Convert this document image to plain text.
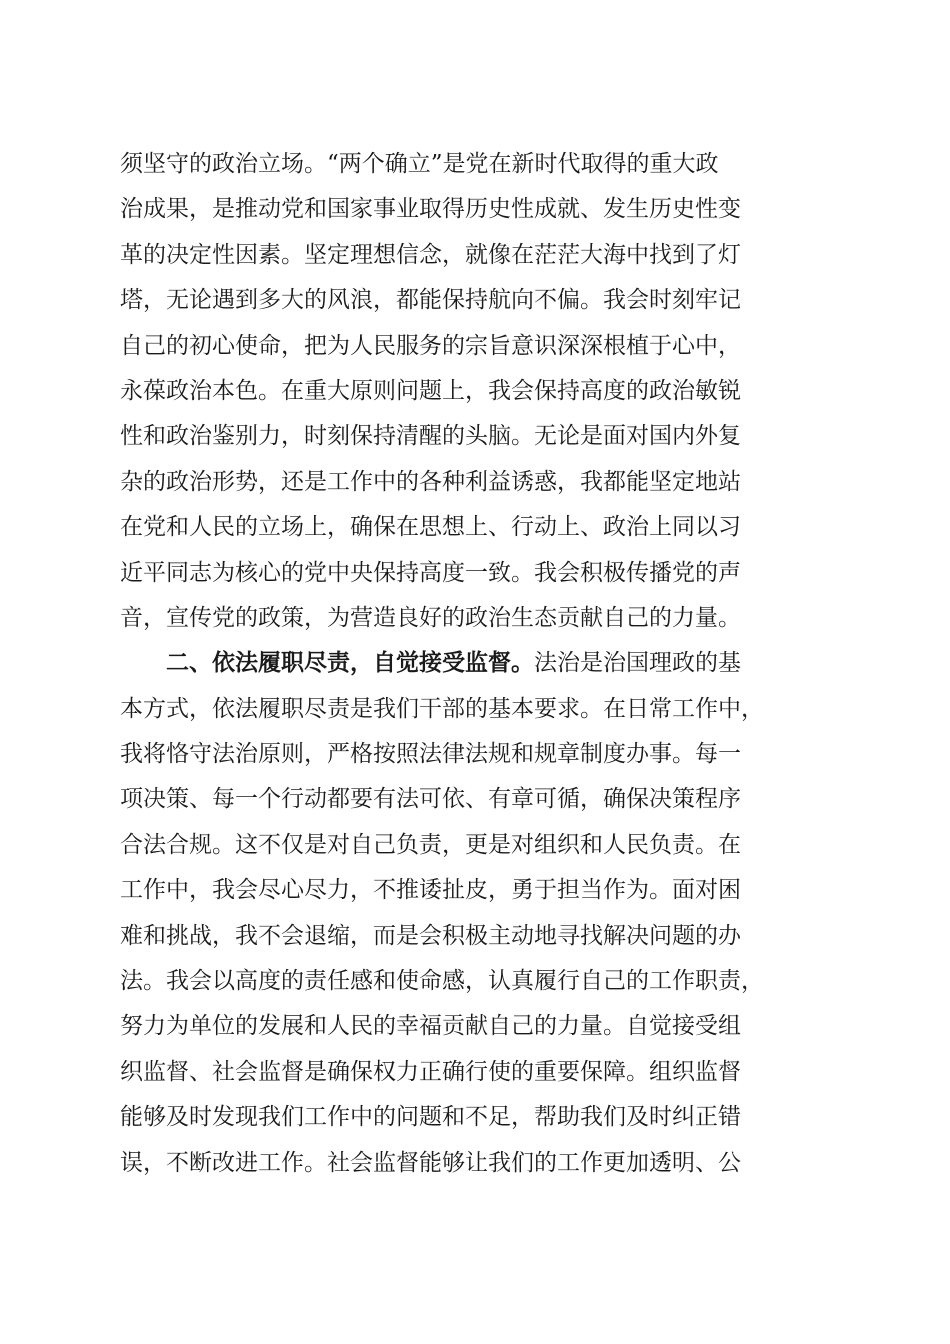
须坚守的政治立场。“两个确立”是党在新时代取得的重大政
治成果，是推动党和国家事业取得历史性成就、发生历史性变
革的决定性因素。坚定理想信念，就像在茫茫大海中找到了灯
塔，无论遇到多大的风浪，都能保持航向不偏。我会时刻牢记
自己的初心使命，把为人民服务的宗旨意识深深根植于心中，
永葆政治本色。在重大原则问题上，我会保持高度的政治敏锐
性和政治鉴别力，时刻保持清醒的头脑。无论是面对国内外复
杂的政治形势，还是工作中的各种利益诱惑，我都能坚定地站
在党和人民的立场上，确保在思想上、行动上、政治上同以习
近平同志为核心的党中央保持高度一致。我会积极传播党的声
音，宣传党的政策，为营造良好的政治生态贡献自己的力量。
二、依法履职尽责，自觉接受监督。法治是治国理政的基
本方式，依法履职尽责是我们干部的基本要求。在日常工作中，
我将恪守法治原则，严格按照法律法规和规章制度办事。每一
项决策、每一个行动都要有法可依、有章可循，确保决策程序
合法合规。这不仅是对自己负责，更是对组织和人民负责。在
工作中，我会尽心尽力，不推诿扯皮，勇于担当作为。面对困
难和挑战，我不会退缩，而是会积极主动地寻找解决问题的办
法。我会以高度的责任感和使命感，认真履行自己的工作职责，
努力为单位的发展和人民的幸福贡献自己的力量。自觉接受组
织监督、社会监督是确保权力正确行使的重要保障。组织监督
能够及时发现我们工作中的问题和不足，帮助我们及时纠正错
误，不断改进工作。社会监督能够让我们的工作更加透明、公
